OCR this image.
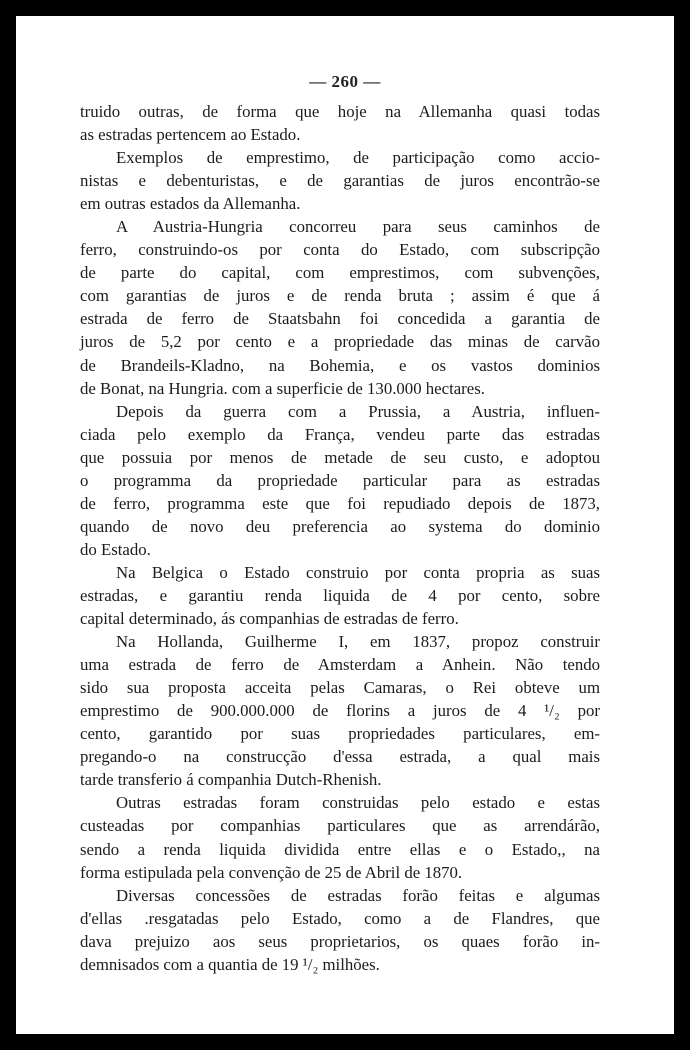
— 260 —
truido outras, de forma que hoje na Allemanha quasi todas
as estradas pertencem ao Estado.
Exemplos de emprestimo, de participação como accio-
nistas e debenturistas, e de garantias de juros encontrão-se
em outras estados da Allemanha.
A Austria-Hungria concorreu para seus caminhos de
ferro, construindo-os por conta do Estado, com subscripção
de parte do capital, com emprestimos, com subvenções,
com garantias de juros e de renda bruta ; assim é que á
estrada de ferro de Staatsbahn foi concedida a garantia de
juros de 5,2 por cento e a propriedade das minas de carvão
de Brandeils-Kladno, na Bohemia, e os vastos dominios
de Bonat, na Hungria. com a superficie de 130.000 hectares.
Depois da guerra com a Prussia, a Austria, influen-
ciada pelo exemplo da França, vendeu parte das estradas
que possuia por menos de metade de seu custo, e adoptou
o programma da propriedade particular para as estradas
de ferro, programma este que foi repudiado depois de 1873,
quando de novo deu preferencia ao systema do dominio
do Estado.
Na Belgica o Estado construio por conta propria as suas
estradas, e garantiu renda liquida de 4 por cento, sobre
capital determinado, ás companhias de estradas de ferro.
Na Hollanda, Guilherme I, em 1837, propoz construir
uma estrada de ferro de Amsterdam a Anhein. Não tendo
sido sua proposta acceita pelas Camaras, o Rei obteve um
emprestimo de 900.000.000 de florins a juros de 4 ¹/₂ por
cento, garantido por suas propriedades particulares, em-
pregando-o na construcção d'essa estrada, a qual mais
tarde transferio á companhia Dutch-Rhenish.
Outras estradas foram construidas pelo estado e estas
custeadas por companhias particulares que as arrendárão,
sendo a renda liquida dividida entre ellas e o Estado,, na
forma estipulada pela convenção de 25 de Abril de 1870.
Diversas concessões de estradas forão feitas e algumas
d'ellas .resgatadas pelo Estado, como a de Flandres, que
dava prejuizo aos seus proprietarios, os quaes forão in-
demnisados com a quantia de 19 ¹/₂ milhões.
